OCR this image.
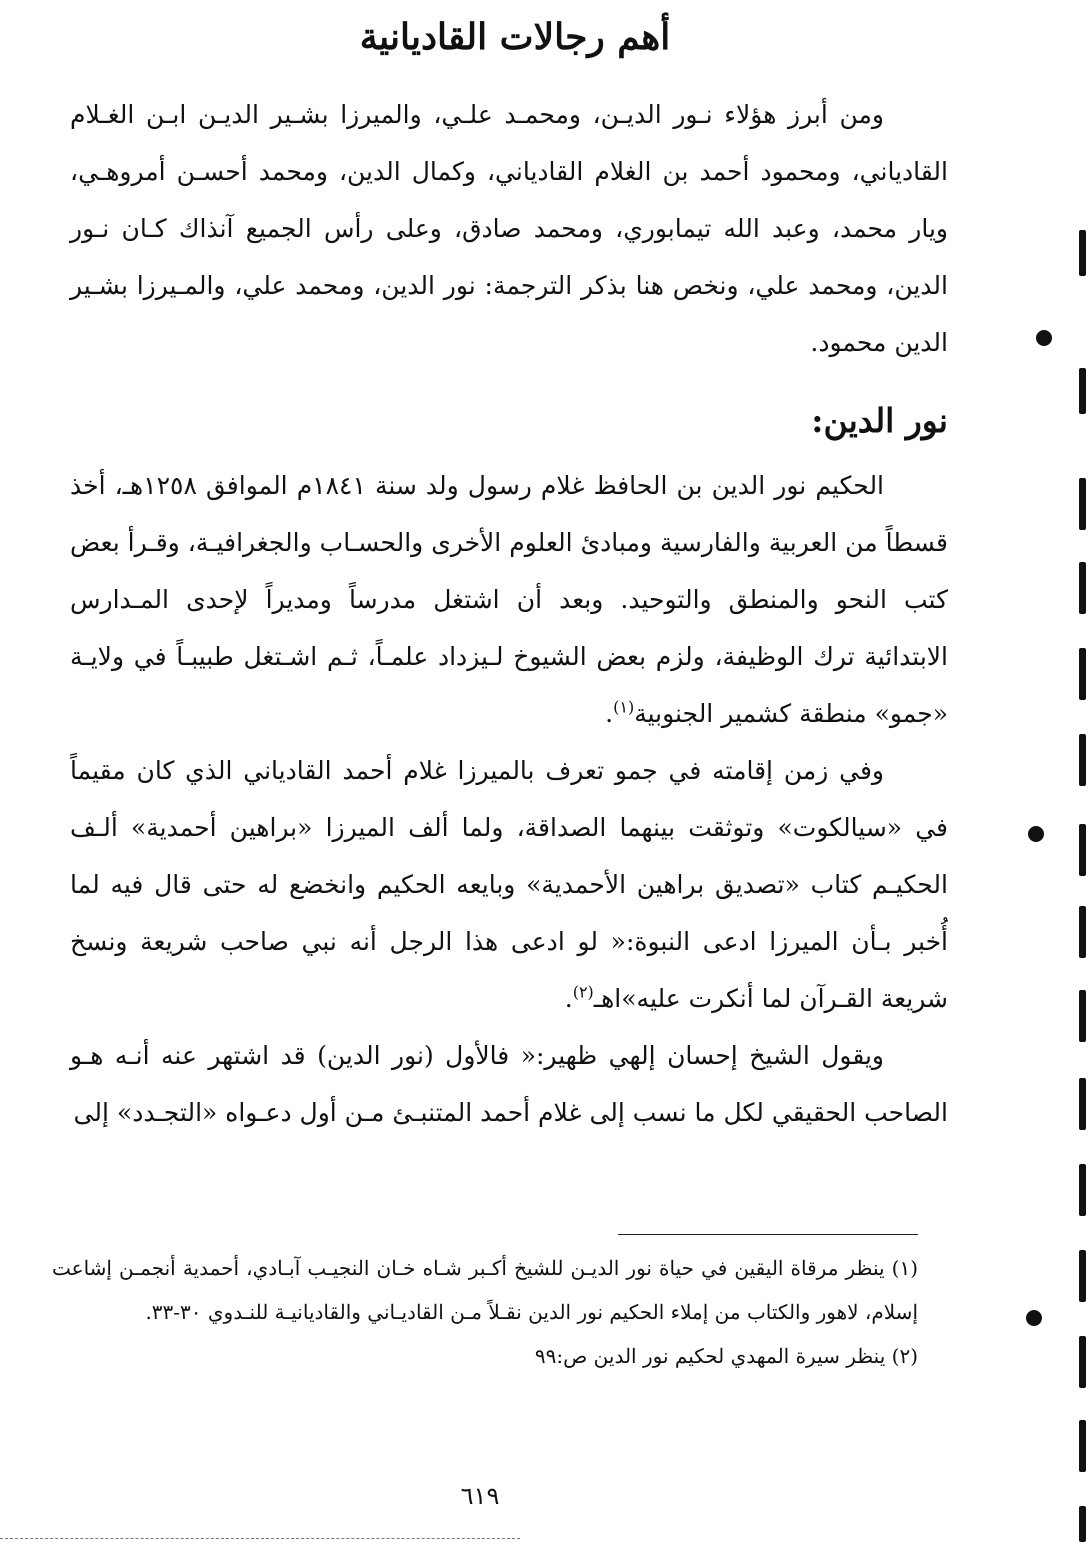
أهم رجالات القاديانية

ومن أبرز هؤلاء نـور الديـن، ومحمـد علـي، والميرزا بشـير الديـن ابـن الغـلام القادياني، ومحمود أحمد بن الغلام القادياني، وكمال الدين، ومحمد أحسـن أمروهـي، ويار محمد، وعبد الله تيمابوري، ومحمد صادق، وعلى رأس الجميع آنذاك كـان نـور الدين، ومحمد علي، ونخص هنا بذكر الترجمة: نور الدين، ومحمد علي، والمـيرزا بشـير الدين محمود.

نور الدين:

الحكيم نور الدين بن الحافظ غلام رسول ولد سنة ١٨٤١م الموافق ١٢٥٨هـ، أخذ قسطاً من العربية والفارسية ومبادئ العلوم الأخرى والحسـاب والجغرافيـة، وقـرأ بعض كتب النحو والمنطق والتوحيد. وبعد أن اشتغل مدرساً ومديراً لإحدى المـدارس الابتدائية ترك الوظيفة، ولزم بعض الشيوخ لـيزداد علمـاً، ثـم اشـتغل طبيبـاً في ولايـة «جمو» منطقة كشمير الجنوبية$^{(١)}$.

وفي زمن إقامته في جمو تعرف بالميرزا غلام أحمد القادياني الذي كان مقيماً في «سيالكوت» وتوثقت بينهما الصداقة، ولما ألف الميرزا «براهين أحمدية» ألـف الحكيـم كتاب «تصديق براهين الأحمدية» وبايعه الحكيم وانخضع له حتى قال فيه لما أُخبر بـأن الميرزا ادعى النبوة:« لو ادعى هذا الرجل أنه نبي صاحب شريعة ونسخ شريعة القـرآن لما أنكرت عليه»اهـ$^{(٢)}$.

ويقول الشيخ إحسان إلهي ظهير:« فالأول (نور الدين) قد اشتهر عنه أنـه هـو الصاحب الحقيقي لكل ما نسب إلى غلام أحمد المتنبـئ مـن أول دعـواه «التجـدد» إلى

(١) ينظر مرقاة اليقين في حياة نور الديـن للشيخ أكـبر شـاه خـان النجيـب آبـادي، أحمدية أنجمـن إشاعت إسلام، لاهور والكتاب من إملاء الحكيم نور الدين نقـلاً مـن القاديـاني والقاديانيـة للنـدوي ٣٠-٣٣.

(٢) ينظر سيرة المهدي لحكيم نور الدين ص:٩٩

٦١٩
